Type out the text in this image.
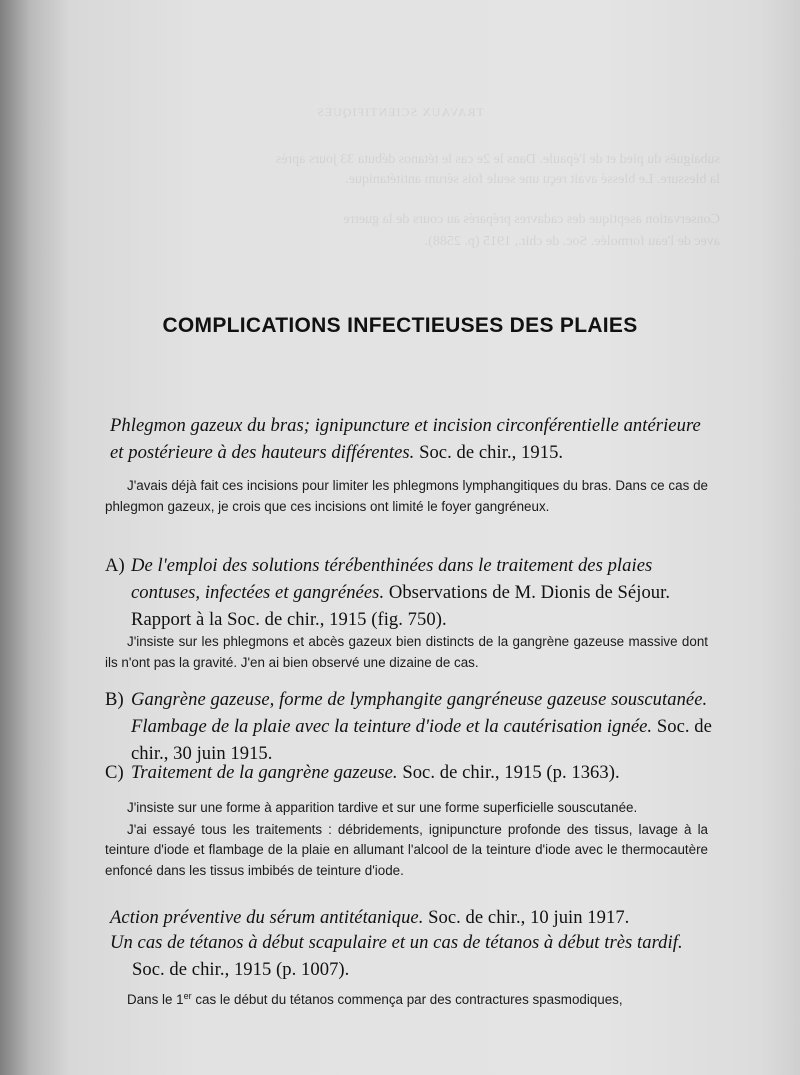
TRAVAUX SCIENTIFIQUES
subaiguës du pied et de l'épaule. Dans le 2e cas le tétanos débuta 33 jours après
la blessure. Le blessé avait reçu une seule fois sérum antitétanique.
Conservation aseptique des cadavres préparés au cours de la guerre
avec de l'eau formolée. Soc. de chir., 1915 (p. 2588).
COMPLICATIONS INFECTIEUSES DES PLAIES
Phlegmon gazeux du bras; ignipuncture et incision circonférentielle antérieure et postérieure à des hauteurs différentes. Soc. de chir., 1915.

J'avais déjà fait ces incisions pour limiter les phlegmons lymphangitiques du bras. Dans ce cas de phlegmon gazeux, je crois que ces incisions ont limité le foyer gangréneux.

A) De l'emploi des solutions térébenthinées dans le traitement des plaies contuses, infectées et gangrénées. Observations de M. Dionis de Séjour. Rapport à la Soc. de chir., 1915 (fig. 750).

J'insiste sur les phlegmons et abcès gazeux bien distincts de la gangrène gazeuse massive dont ils n'ont pas la gravité. J'en ai bien observé une dizaine de cas.

B) Gangrène gazeuse, forme de lymphangite gangréneuse gazeuse souscutanée. Flambage de la plaie avec la teinture d'iode et la cautérisation ignée. Soc. de chir., 30 juin 1915.
C) Traitement de la gangrène gazeuse. Soc. de chir., 1915 (p. 1363).

J'insiste sur une forme à apparition tardive et sur une forme superficielle souscutanée.

J'ai essayé tous les traitements : débridements, ignipuncture profonde des tissus, lavage à la teinture d'iode et flambage de la plaie en allumant l'alcool de la teinture d'iode avec le thermocautère enfoncé dans les tissus imbibés de teinture d'iode.

Action préventive du sérum antitétanique. Soc. de chir., 10 juin 1917.
Un cas de tétanos à début scapulaire et un cas de tétanos à début très tardif. Soc. de chir., 1915 (p. 1007).

Dans le 1er cas le début du tétanos commença par des contractures spasmodiques,
